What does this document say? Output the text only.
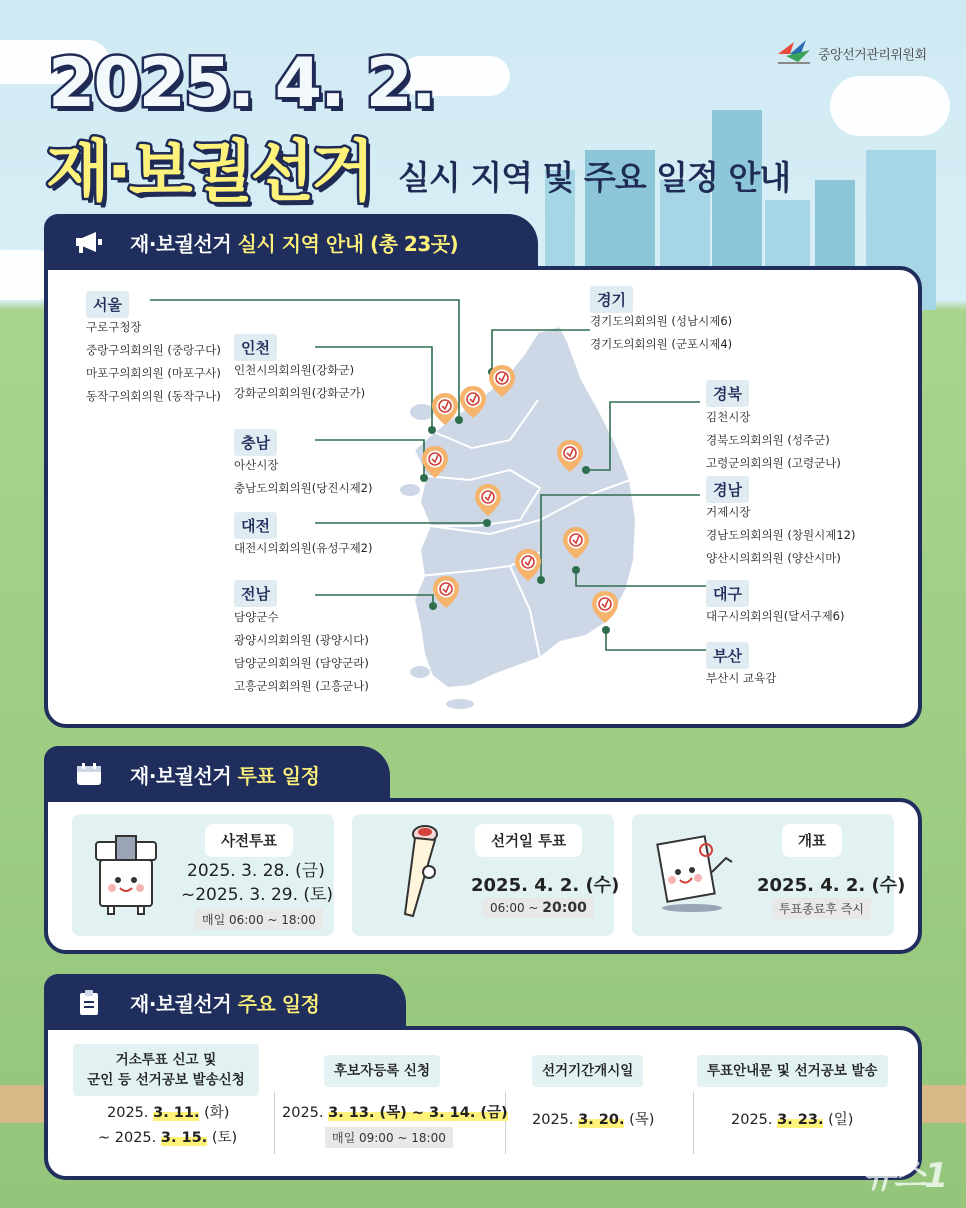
중앙선거관리위원회
2025. 4. 2.
재·보궐선거 실시 지역 및 주요 일정 안내
재·보궐선거 실시 지역 안내 (총 23곳)
서울
구로구청장
중랑구의회의원 (중랑구다)
마포구의회의원 (마포구사)
동작구의회의원 (동작구나)
인천
인천시의회의원(강화군)
강화군의회의원(강화군가)
충남
아산시장
충남도의회의원(당진시제2)
대전
대전시의회의원(유성구제2)
전남
담양군수
광양시의회의원 (광양시다)
담양군의회의원 (담양군라)
고흥군의회의원 (고흥군나)
경기
경기도의회의원 (성남시제6)
경기도의회의원 (군포시제4)
경북
김천시장
경북도의회의원 (성주군)
고령군의회의원 (고령군나)
경남
거제시장
경남도의회의원 (창원시제12)
양산시의회의원 (양산시마)
대구
대구시의회의원(달서구제6)
부산
부산시 교육감
재·보궐선거 투표 일정
사전투표
2025. 3. 28. (금)
~2025. 3. 29. (토)
매일 06:00 ~ 18:00
선거일 투표
2025. 4. 2. (수)
06:00 ~ 20:00
개표
2025. 4. 2. (수)
투표종료후 즉시
재·보궐선거 주요 일정
거소투표 신고 및
군인 등 선거공보 발송신청
2025. 3. 11. (화)
~ 2025. 3. 15. (토)
후보자등록 신청
2025. 3. 13. (목) ~ 3. 14. (금)
매일 09:00 ~ 18:00
선거기간개시일
2025. 3. 20. (목)
투표안내문 및 선거공보 발송
2025. 3. 23. (일)
뉴스1
